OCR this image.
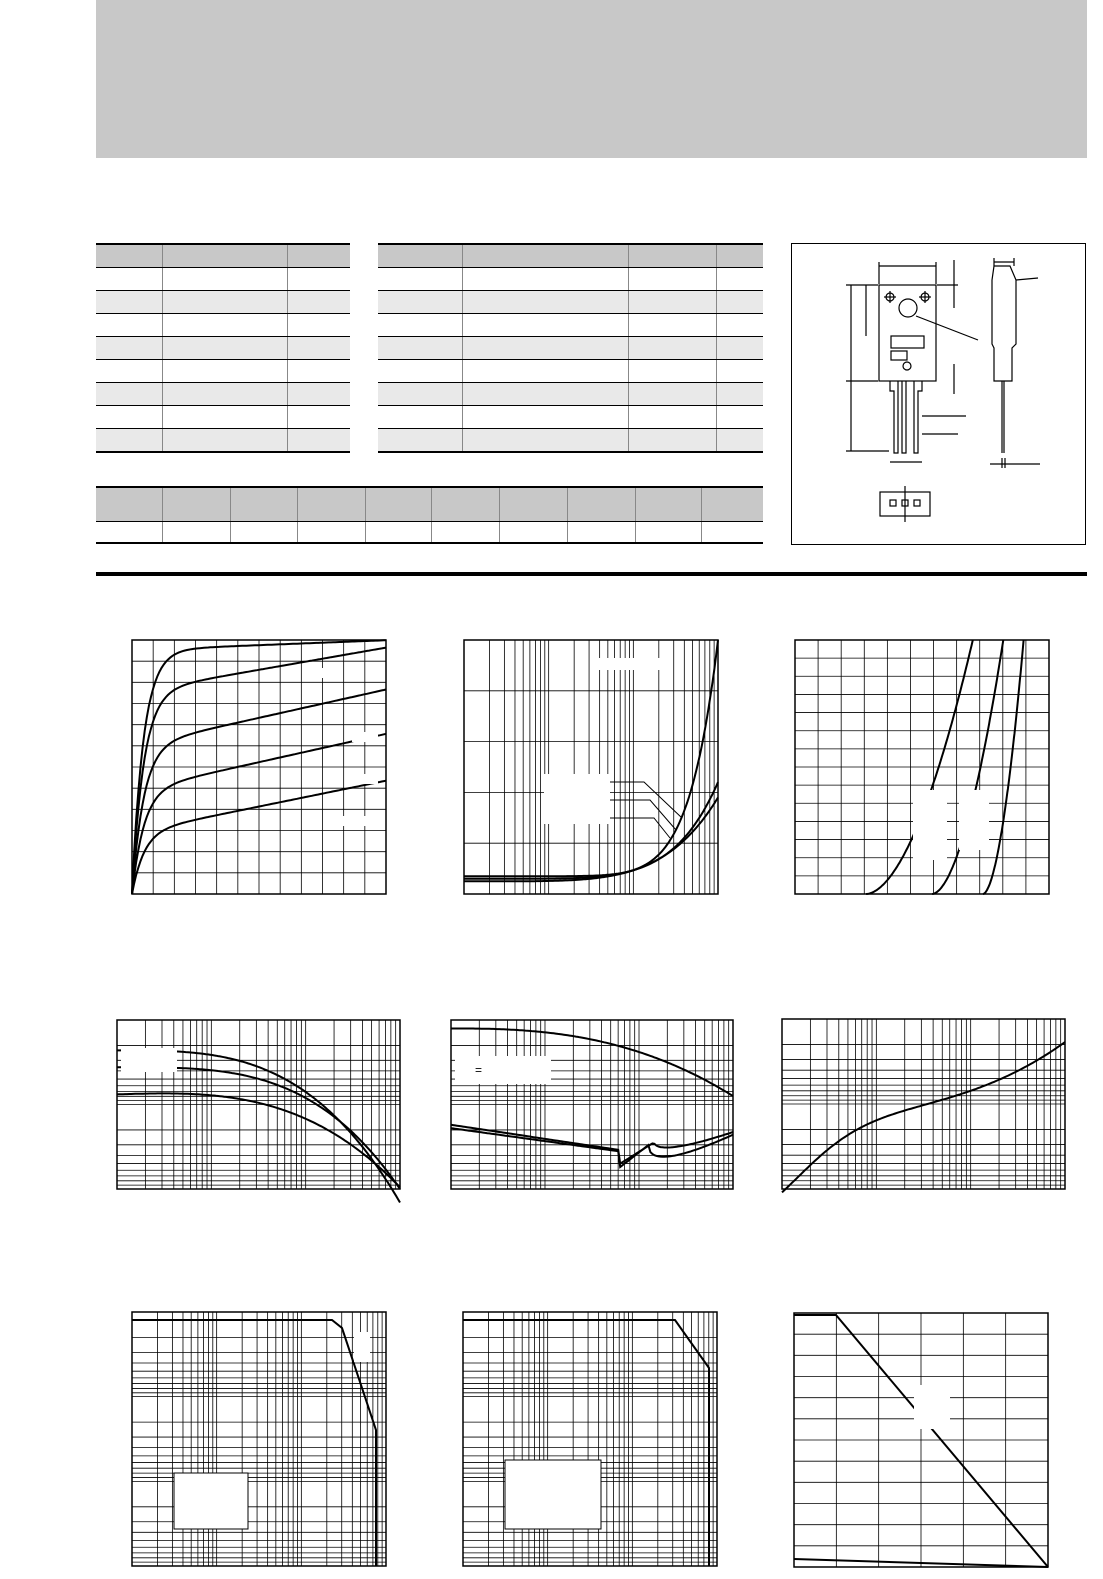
=
